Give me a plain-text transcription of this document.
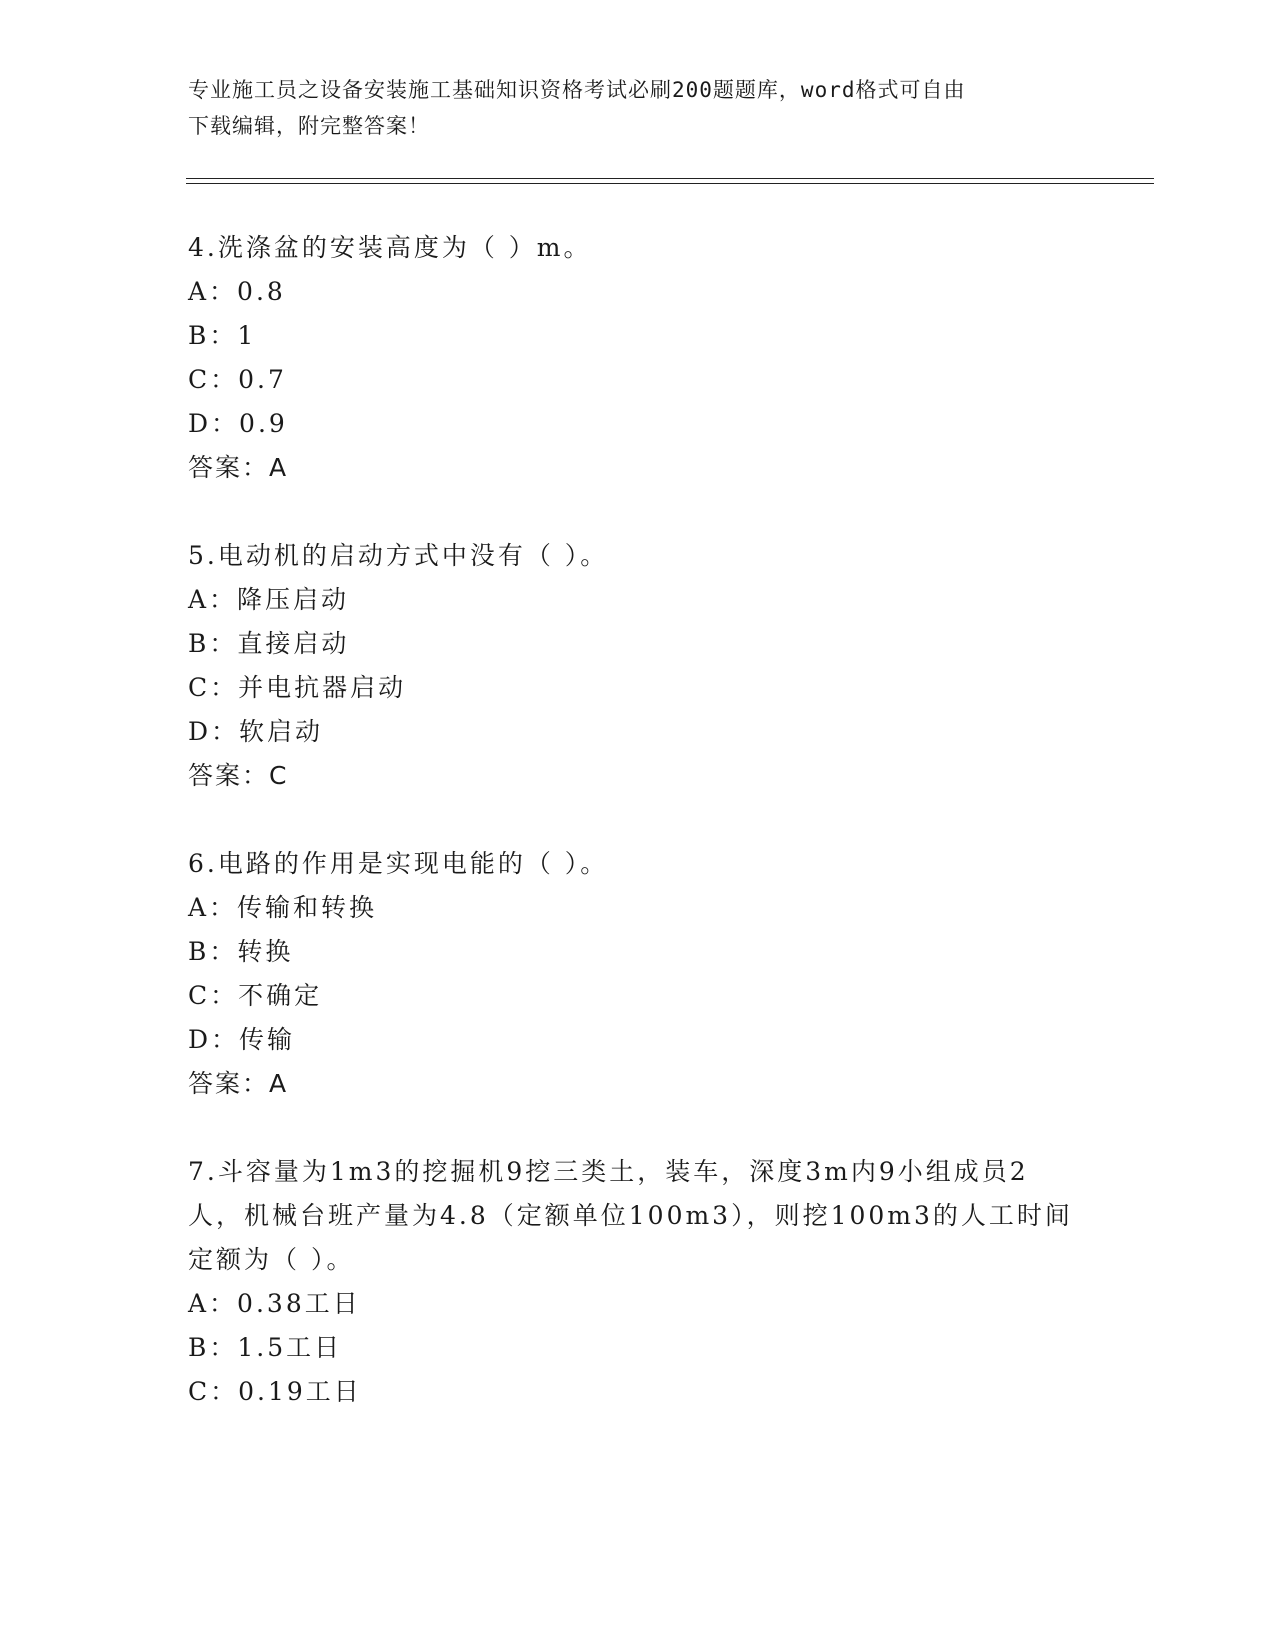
专业施工员之设备安装施工基础知识资格考试必刷200题题库，word格式可自由
下载编辑，附完整答案！
4.洗涤盆的安装高度为（ ）m。
A：0.8
B：1
C：0.7
D：0.9
答案：A
5.电动机的启动方式中没有（ ）。
A：降压启动
B：直接启动
C：并电抗器启动
D：软启动
答案：C
6.电路的作用是实现电能的（ ）。
A：传输和转换
B：转换
C：不确定
D：传输
答案：A
7.斗容量为1m3的挖掘机9挖三类土，装车，深度3m内9小组成员2
人，机械台班产量为4.8（定额单位100m3），则挖100m3的人工时间
定额为（ ）。
A：0.38工日
B：1.5工日
C：0.19工日
